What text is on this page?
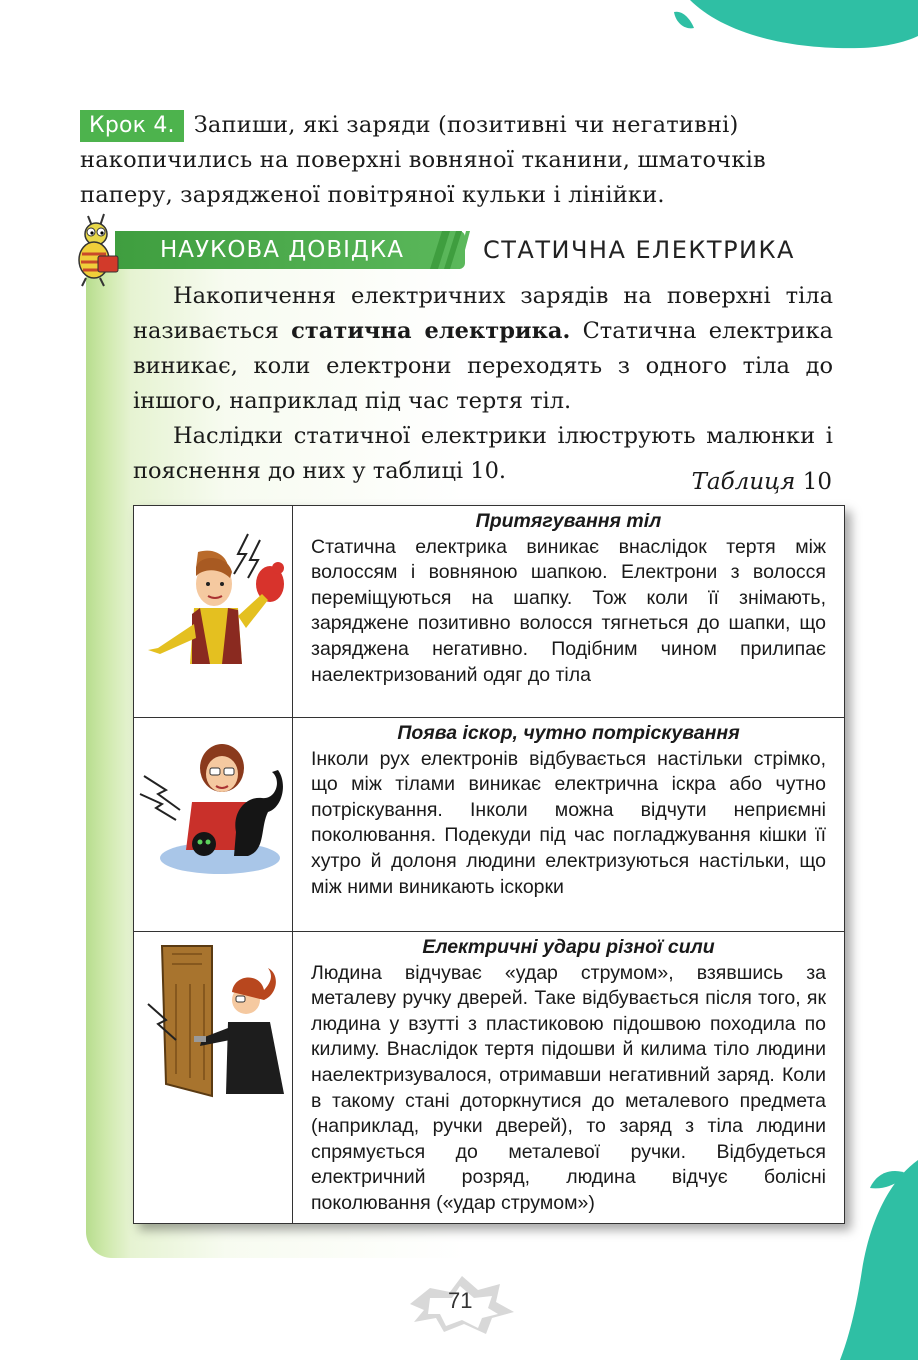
Крок 4. Запиши, які заряди (позитивні чи негативні) накопичились на поверхні вовняної тканини, шматочків паперу, зарядженої повітряної кульки і лінійки.
НАУКОВА ДОВІДКА	СТАТИЧНА ЕЛЕКТРИКА

Накопичення електричних зарядів на поверхні тіла називається статична електрика. Статична електрика виникає, коли електрони переходять з одного тіла до іншого, наприклад під час тертя тіл.

Наслідки статичної електрики ілюструють малюнки і пояснення до них у таблиці 10.	Таблиця 10

Притягування тіл
Статична електрика виникає внаслідок тертя між волоссям і вовняною шапкою. Електрони з волосся переміщуються на шапку. Тож коли її знімають, заряджене позитивно волосся тягнеться до шапки, що заряджена негативно. Подібним чином прилипає наелектризований одяг до тіла

Поява іскор, чутно потріскування
Інколи рух електронів відбувається настільки стрімко, що між тілами виникає електрична іскра або чутно потріскування. Інколи можна відчути неприємні поколювання. Подекуди під час погладжування кішки її хутро й долоня людини електризуються настільки, що між ними виникають іскорки

Електричні удари різної сили
Людина відчуває «удар струмом», взявшись за металеву ручку дверей. Таке відбувається після того, як людина у взутті з пластиковою підошвою походила по килиму. Внаслідок тертя підошви й килима тіло людини наелектризувалося, отримавши негативний заряд. Коли в такому стані доторкнутися до металевого предмета (наприклад, ручки дверей), то заряд з тіла людини спрямується до металевої ручки. Відбудеться електричний розряд, людина відчує болісні поколювання («удар струмом»)
71
